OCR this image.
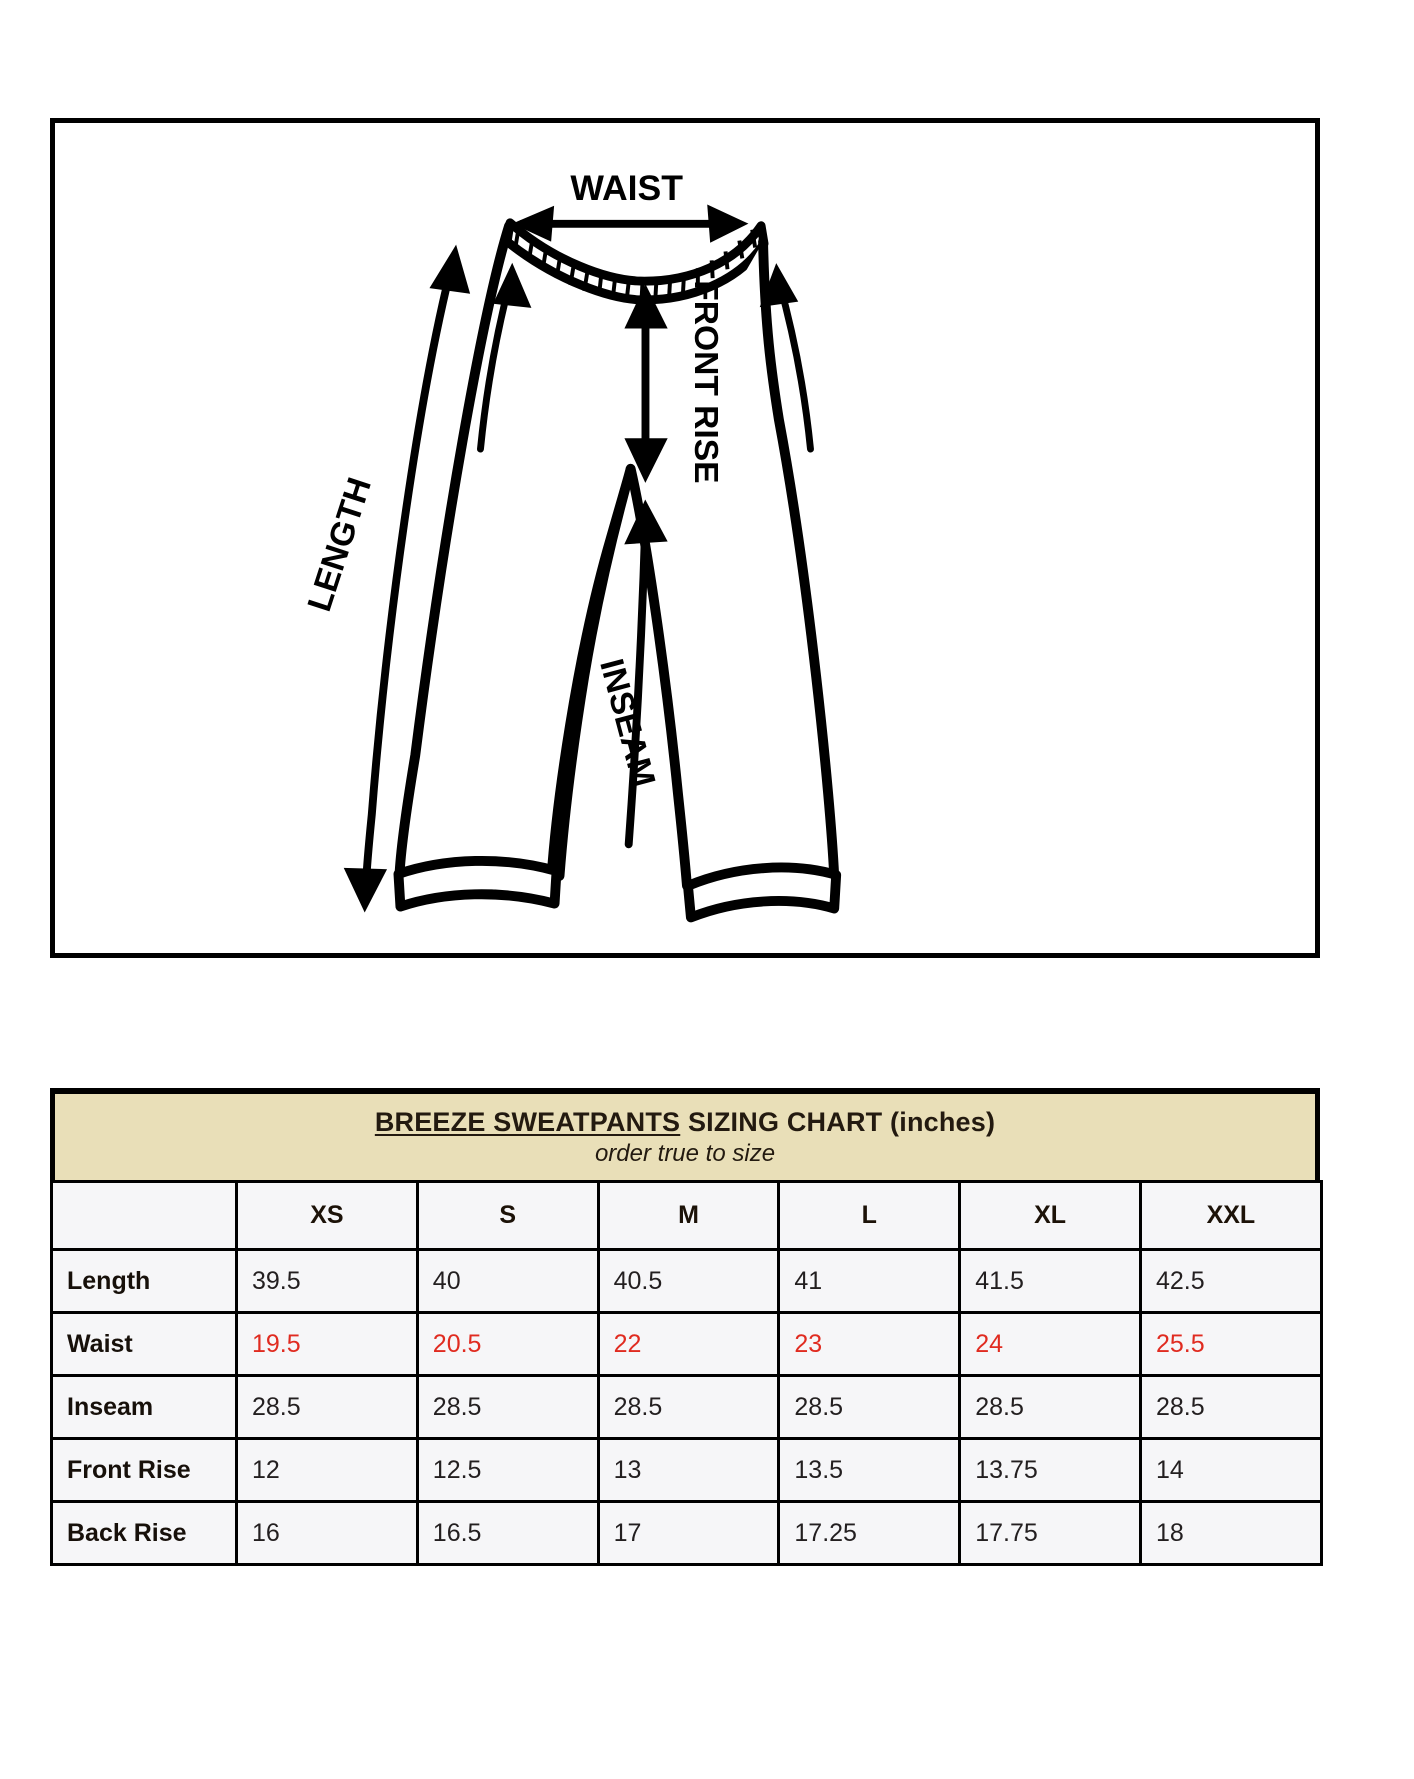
WAIST
LENGTH
FRONT RISE
INSEAM
BREEZE SWEATPANTS SIZING CHART (inches)
order true to size
	XS	S	M	L	XL	XXL
Length	39.5	40	40.5	41	41.5	42.5
Waist	19.5	20.5	22	23	24	25.5
Inseam	28.5	28.5	28.5	28.5	28.5	28.5
Front Rise	12	12.5	13	13.5	13.75	14
Back Rise	16	16.5	17	17.25	17.75	18
